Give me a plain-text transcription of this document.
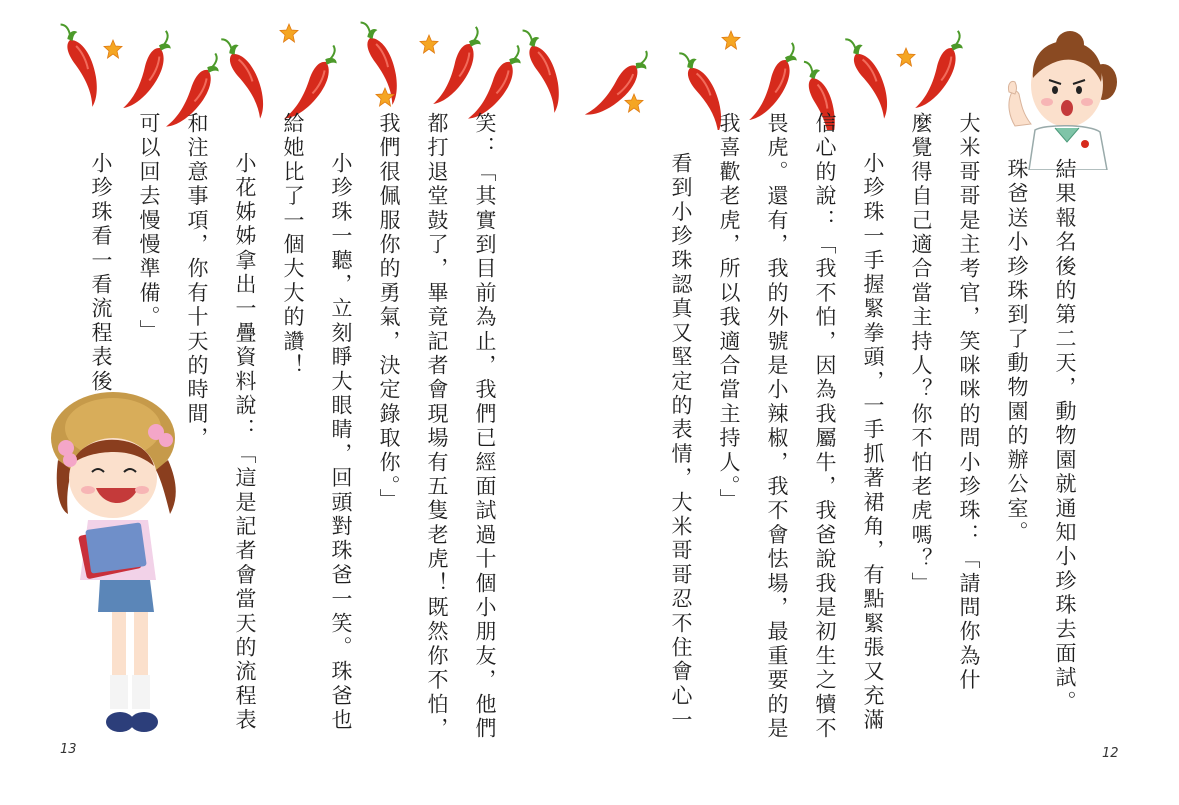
笑：「其實到目前為止，我們已經面試過十個小朋友，他們
都打退堂鼓了，畢竟記者會現場有五隻老虎！既然你不怕，
我們很佩服你的勇氣，決定錄取你。」
小珍珠一聽，立刻睜大眼睛，回頭對珠爸一笑。珠爸也
給她比了一個大大的讚！
小花姊姊拿出一疊資料說：「這是記者會當天的流程表
和注意事項，你有十天的時間，
可以回去慢慢準備。」
小珍珠看一看流程表後
13
結果報名後的第二天，動物園就通知小珍珠去面試。
珠爸送小珍珠到了動物園的辦公室。
大米哥哥是主考官，笑咪咪的問小珍珠：「請問你為什
麼覺得自己適合當主持人？你不怕老虎嗎？」
小珍珠一手握緊拳頭，一手抓著裙角，有點緊張又充滿
信心的說：「我不怕，因為我屬牛，我爸說我是初生之犢不
畏虎。還有，我的外號是小辣椒，我不會怯場，最重要的是
我喜歡老虎，所以我適合當主持人。」
看到小珍珠認真又堅定的表情，大米哥哥忍不住會心一
12
